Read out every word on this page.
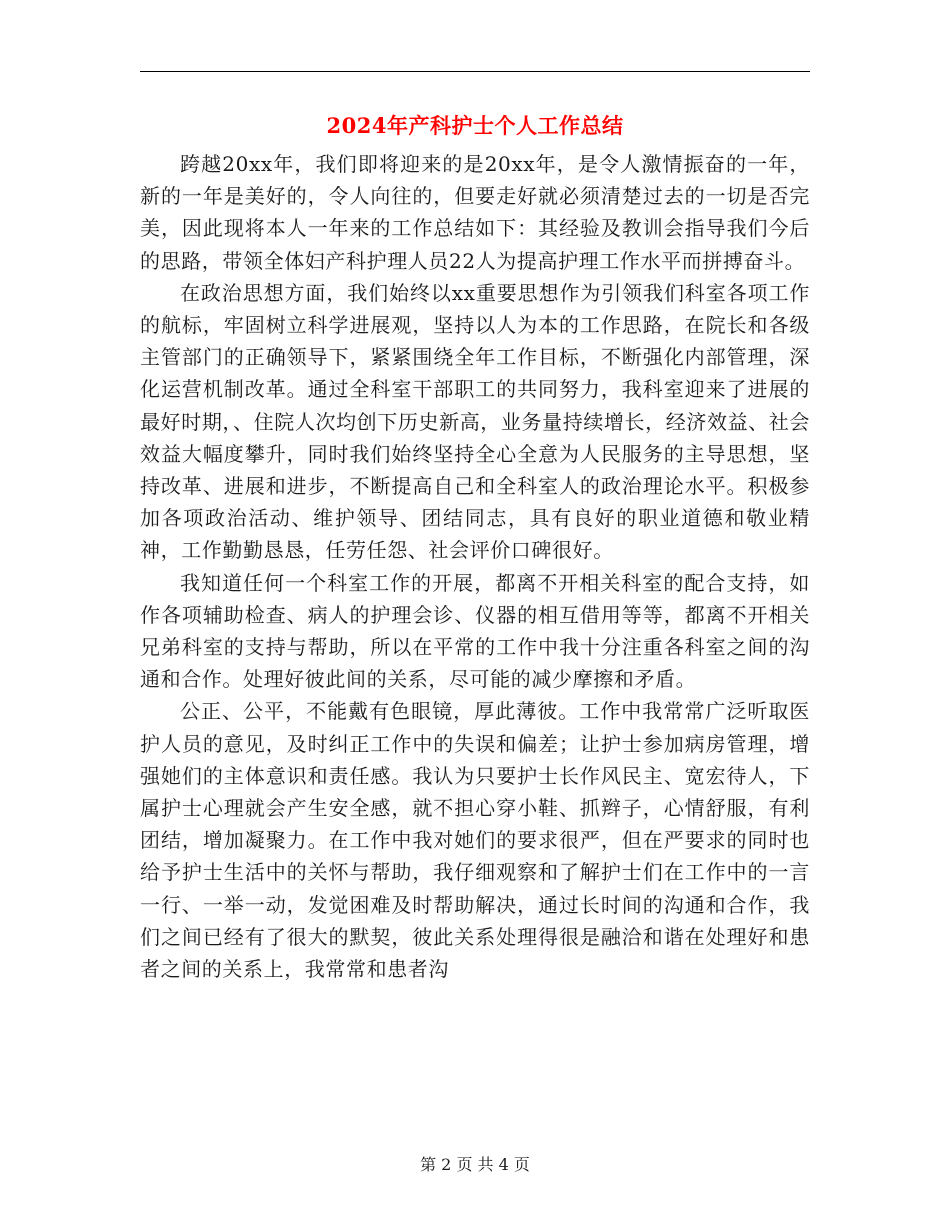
2024年产科护士个人工作总结

跨越20xx年，我们即将迎来的是20xx年，是令人激情振奋的一年，新的一年是美好的，令人向往的，但要走好就必须清楚过去的一切是否完美，因此现将本人一年来的工作总结如下：其经验及教训会指导我们今后的思路，带领全体妇产科护理人员22人为提高护理工作水平而拼搏奋斗。

在政治思想方面，我们始终以xx重要思想作为引领我们科室各项工作的航标，牢固树立科学进展观，坚持以人为本的工作思路，在院长和各级主管部门的正确领导下，紧紧围绕全年工作目标，不断强化内部管理，深化运营机制改革。通过全科室干部职工的共同努力，我科室迎来了进展的最好时期，、住院人次均创下历史新高，业务量持续增长，经济效益、社会效益大幅度攀升，同时我们始终坚持全心全意为人民服务的主导思想，坚持改革、进展和进步，不断提高自己和全科室人的政治理论水平。积极参加各项政治活动、维护领导、团结同志，具有良好的职业道德和敬业精神，工作勤勤恳恳，任劳任怨、社会评价口碑很好。

我知道任何一个科室工作的开展，都离不开相关科室的配合支持，如作各项辅助检查、病人的护理会诊、仪器的相互借用等等，都离不开相关兄弟科室的支持与帮助，所以在平常的工作中我十分注重各科室之间的沟通和合作。处理好彼此间的关系，尽可能的减少摩擦和矛盾。

公正、公平，不能戴有色眼镜，厚此薄彼。工作中我常常广泛听取医护人员的意见，及时纠正工作中的失误和偏差；让护士参加病房管理，增强她们的主体意识和责任感。我认为只要护士长作风民主、宽宏待人，下属护士心理就会产生安全感，就不担心穿小鞋、抓辫子，心情舒服，有利团结，增加凝聚力。在工作中我对她们的要求很严，但在严要求的同时也给予护士生活中的关怀与帮助，我仔细观察和了解护士们在工作中的一言一行、一举一动，发觉困难及时帮助解决，通过长时间的沟通和合作，我们之间已经有了很大的默契，彼此关系处理得很是融洽和谐在处理好和患者之间的关系上，我常常和患者沟

第 2 页 共 4 页
